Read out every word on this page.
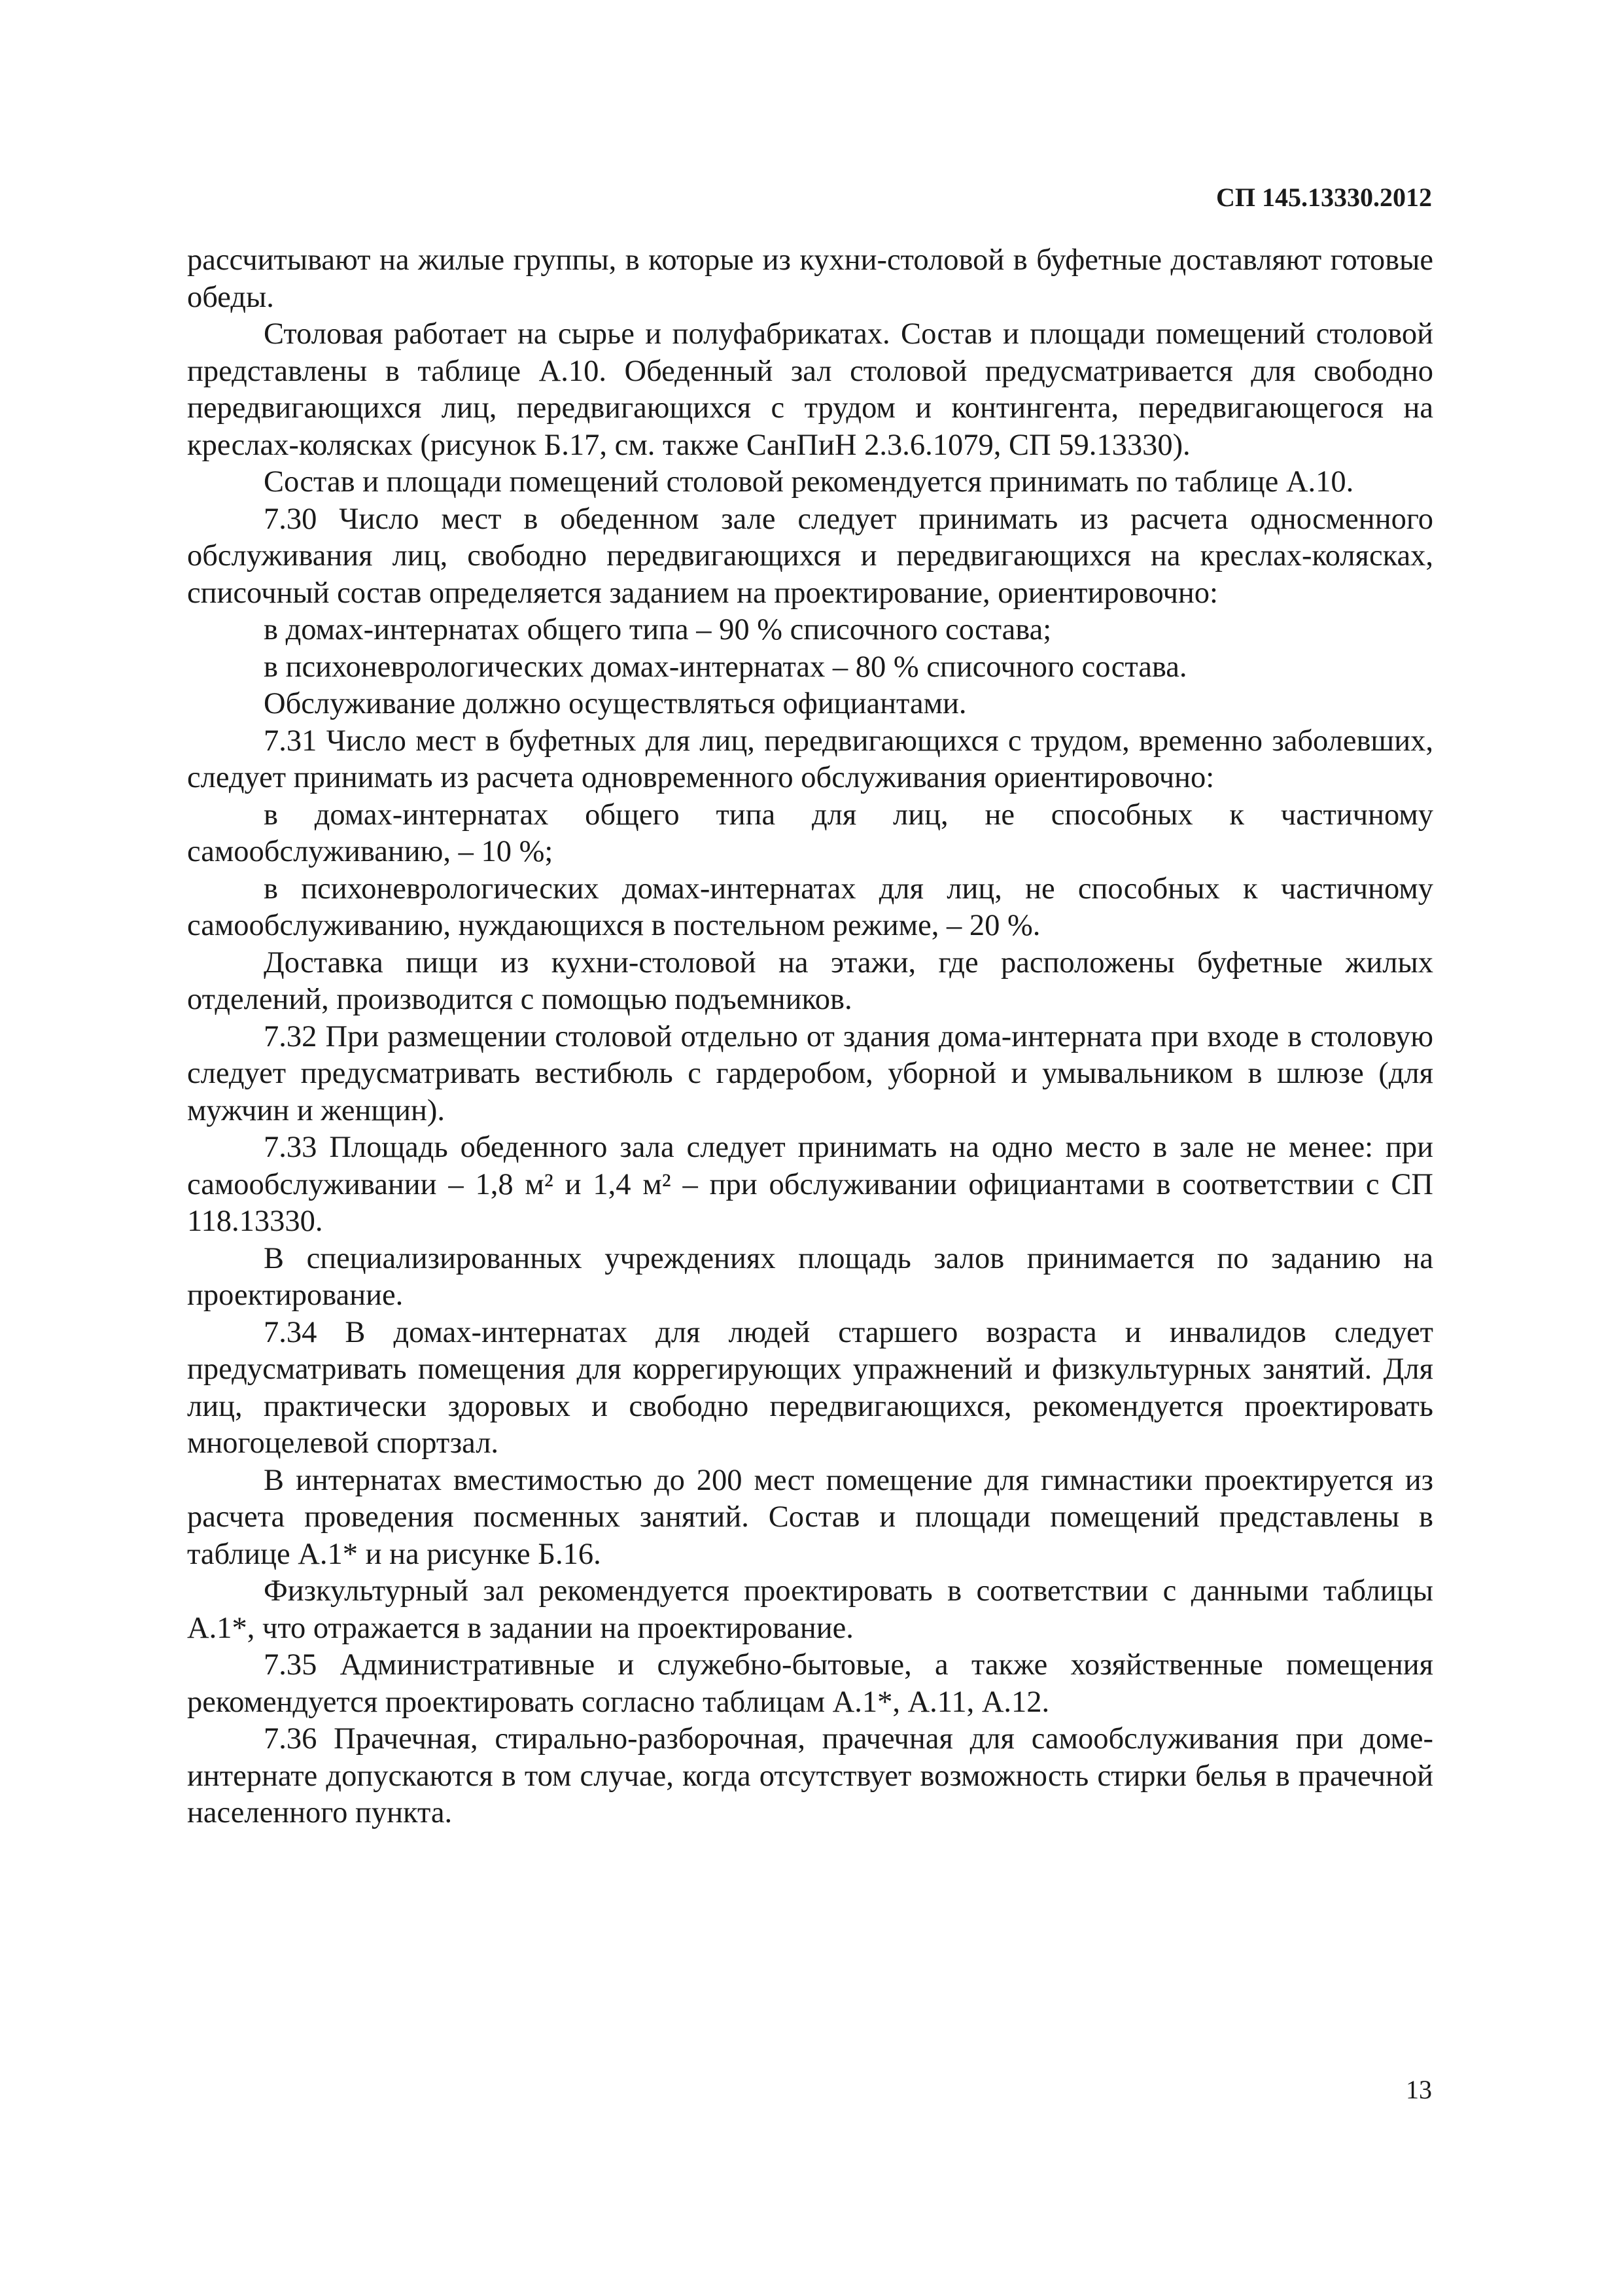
СП 145.13330.2012

рассчитывают на жилые группы, в которые из кухни-столовой в буфетные доставляют готовые обеды.

Столовая работает на сырье и полуфабрикатах. Состав и площади помещений столовой представлены в таблице А.10. Обеденный зал столовой предусматривается для свободно передвигающихся лиц, передвигающихся с трудом и контингента, передвигающегося на креслах-колясках (рисунок Б.17, см. также СанПиН 2.3.6.1079, СП 59.13330).

Состав и площади помещений столовой рекомендуется принимать по таблице А.10.

7.30 Число мест в обеденном зале следует принимать из расчета односменного обслуживания лиц, свободно передвигающихся и передвигающихся на креслах-колясках, списочный состав определяется заданием на проектирование, ориентировочно:

в домах-интернатах общего типа – 90 % списочного состава;

в психоневрологических домах-интернатах – 80 % списочного состава.

Обслуживание должно осуществляться официантами.

7.31 Число мест в буфетных для лиц, передвигающихся с трудом, временно заболевших, следует принимать из расчета одновременного обслуживания ориентировочно:

в домах-интернатах общего типа для лиц, не способных к частичному самообслуживанию, – 10 %;

в психоневрологических домах-интернатах для лиц, не способных к частичному самообслуживанию, нуждающихся в постельном режиме, – 20 %.

Доставка пищи из кухни-столовой на этажи, где расположены буфетные жилых отделений, производится с помощью подъемников.

7.32 При размещении столовой отдельно от здания дома-интерната при входе в столовую следует предусматривать вестибюль с гардеробом, уборной и умывальником в шлюзе (для мужчин и женщин).

7.33 Площадь обеденного зала следует принимать на одно место в зале не менее: при самообслуживании – 1,8 м² и 1,4 м² – при обслуживании официантами в соответствии с СП 118.13330.

В специализированных учреждениях площадь залов принимается по заданию на проектирование.

7.34 В домах-интернатах для людей старшего возраста и инвалидов следует предусматривать помещения для коррегирующих упражнений и физкультурных занятий. Для лиц, практически здоровых и свободно передвигающихся, рекомендуется проектировать многоцелевой спортзал.

В интернатах вместимостью до 200 мест помещение для гимнастики проектируется из расчета проведения посменных занятий. Состав и площади помещений представлены в таблице А.1* и на рисунке Б.16.

Физкультурный зал рекомендуется проектировать в соответствии с данными таблицы А.1*, что отражается в задании на проектирование.

7.35 Административные и служебно-бытовые, а также хозяйственные помещения рекомендуется проектировать согласно таблицам А.1*, А.11, А.12.

7.36 Прачечная, стирально-разборочная, прачечная для самообслуживания при доме-интернате допускаются в том случае, когда отсутствует возможность стирки белья в прачечной населенного пункта.

13
